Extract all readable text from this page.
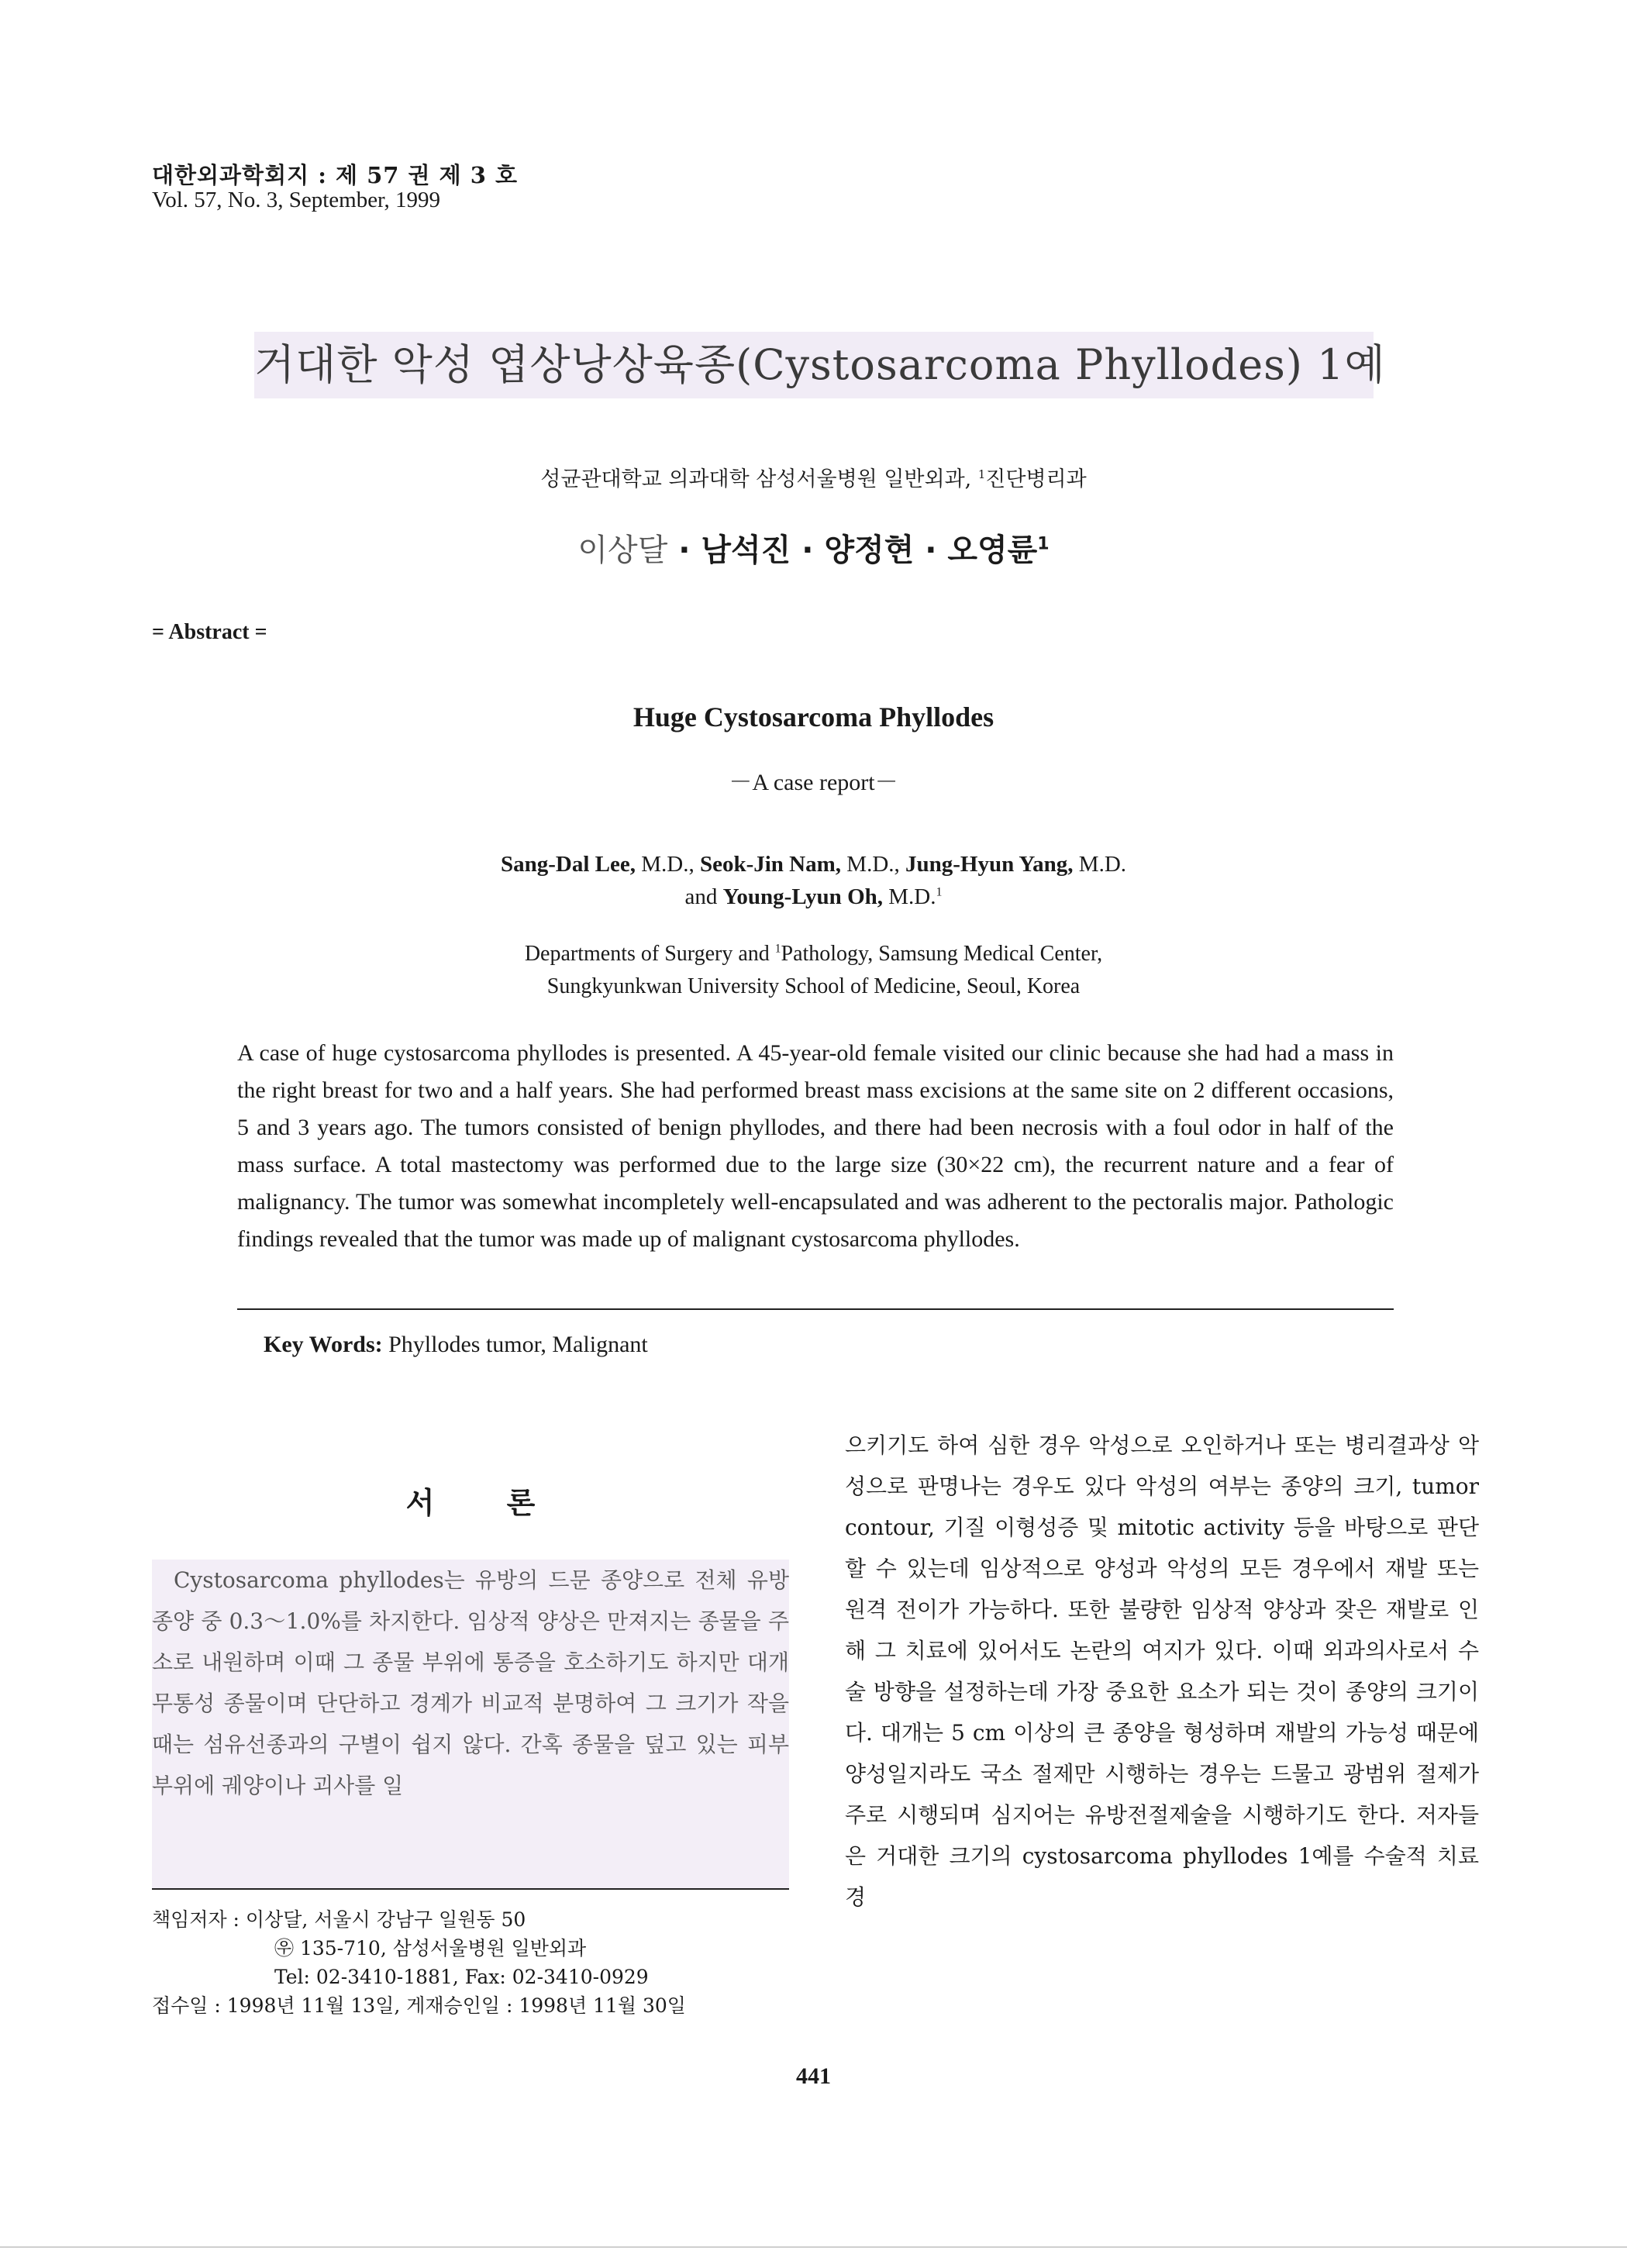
대한외과학회지 : 제 57 권 제 3 호
Vol. 57, No. 3, September, 1999
거대한 악성 엽상낭상육종(Cystosarcoma Phyllodes) 1예
성균관대학교 의과대학 삼성서울병원 일반외과, $^1$진단병리과
이상달 · 남석진 · 양정현 · 오영륜$^1$
= Abstract =
Huge Cystosarcoma Phyllodes
－A case report－
Sang-Dal Lee, M.D., Seok-Jin Nam, M.D., Jung-Hyun Yang, M.D.
and Young-Lyun Oh, M.D.$^1$
Departments of Surgery and $^1$Pathology, Samsung Medical Center,
Sungkyunkwan University School of Medicine, Seoul, Korea
A case of huge cystosarcoma phyllodes is presented. A 45-year-old female visited our clinic because she had had a mass in the right breast for two and a half years. She had performed breast mass excisions at the same site on 2 different occasions, 5 and 3 years ago. The tumors consisted of benign phyllodes, and there had been necrosis with a foul odor in half of the mass surface. A total mastectomy was performed due to the large size (30×22 cm), the recurrent nature and a fear of malignancy. The tumor was somewhat incompletely well-encapsulated and was adherent to the pectoralis major. Pathologic findings revealed that the tumor was made up of malignant cystosarcoma phyllodes.
Key Words: Phyllodes tumor, Malignant
서 론

Cystosarcoma phyllodes는 유방의 드문 종양으로 전체 유방 종양 중 0.3～1.0%를 차지한다. 임상적 양상은 만져지는 종물을 주소로 내원하며 이때 그 종물 부위에 통증을 호소하기도 하지만 대개 무통성 종물이며 단단하고 경계가 비교적 분명하여 그 크기가 작을 때는 섬유선종과의 구별이 쉽지 않다. 간혹 종물을 덮고 있는 피부 부위에 궤양이나 괴사를 일

책임저자 : 이상달, 서울시 강남구 일원동 50
㉾ 135-710, 삼성서울병원 일반외과
Tel: 02-3410-1881, Fax: 02-3410-0929
접수일 : 1998년 11월 13일, 게재승인일 : 1998년 11월 30일

으키기도 하여 심한 경우 악성으로 오인하거나 또는 병리결과상 악성으로 판명나는 경우도 있다 악성의 여부는 종양의 크기, tumor contour, 기질 이형성증 및 mitotic activity 등을 바탕으로 판단할 수 있는데 임상적으로 양성과 악성의 모든 경우에서 재발 또는 원격 전이가 가능하다. 또한 불량한 임상적 양상과 잦은 재발로 인해 그 치료에 있어서도 논란의 여지가 있다. 이때 외과의사로서 수술 방향을 설정하는데 가장 중요한 요소가 되는 것이 종양의 크기이다. 대개는 5 cm 이상의 큰 종양을 형성하며 재발의 가능성 때문에 양성일지라도 국소 절제만 시행하는 경우는 드물고 광범위 절제가 주로 시행되며 심지어는 유방전절제술을 시행하기도 한다. 저자들은 거대한 크기의 cystosarcoma phyllodes 1예를 수술적 치료 경

441
